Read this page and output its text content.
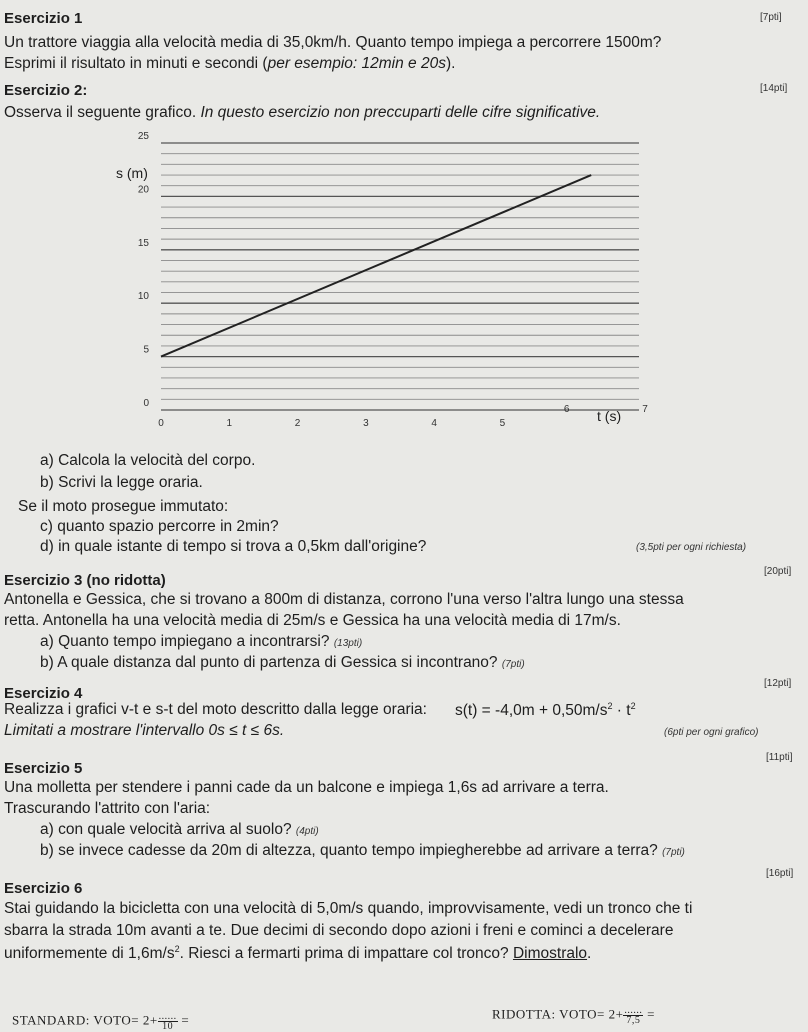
Esercizio 1	[7pti]
Un trattore viaggia alla velocità media di 35,0km/h. Quanto tempo impiega a percorrere 1500m?
Esprimi il risultato in minuti e secondi (per esempio: 12min e 20s).
Esercizio 2:	[14pti]
Osserva il seguente grafico. In questo esercizio non preccuparti delle cifre significative.
0
5
10
15
20
25
0	1	2	3	4	5
6	7
s (m)
t (s)
a) Calcola la velocità del corpo.
b) Scrivi la legge oraria.
Se il moto prosegue immutato:
c) quanto spazio percorre in 2min?
d) in quale istante di tempo si trova a 0,5km dall'origine?	(3,5pti per ogni richiesta)
Esercizio 3 (no ridotta)
[20pti]
Antonella e Gessica, che si trovano a 800m di distanza, corrono l'una verso l'altra lungo una stessa
retta. Antonella ha una velocità media di 25m/s e Gessica ha una velocità media di 17m/s.
a) Quanto tempo impiegano a incontrarsi? (13pti)
b) A quale distanza dal punto di partenza di Gessica si incontrano? (7pti)
Esercizio 4
[12pti]
Realizza i grafici v-t e s-t del moto descritto dalla legge oraria: $s(t) = -4,0m + 0,50m/s^2 \cdot t^2$
Limitati a mostrare l'intervallo 0s ≤ t ≤ 6s.	(6pti per ogni grafico)
Esercizio 5
[11pti]
Una molletta per stendere i panni cade da un balcone e impiega 1,6s ad arrivare a terra.
Trascurando l'attrito con l'aria:
a) con quale velocità arriva al suolo? (4pti)
b) se invece cadesse da 20m di altezza, quanto tempo impiegherebbe ad arrivare a terra? (7pti)
Esercizio 6
[16pti]
Stai guidando la bicicletta con una velocità di 5,0m/s quando, improvvisamente, vedi un tronco che ti
sbarra la strada 10m avanti a te. Due decimi di secondo dopo azioni i freni e cominci a decelerare
uniformemente di $1,6m/s^2$. Riesci a fermarti prima di impattare col tronco? Dimostralo.
STANDARD: VOTO= $2+ \frac{......}{10}$ =	RIDOTTA: VOTO= $2+ \frac{......}{7,5}$ =
